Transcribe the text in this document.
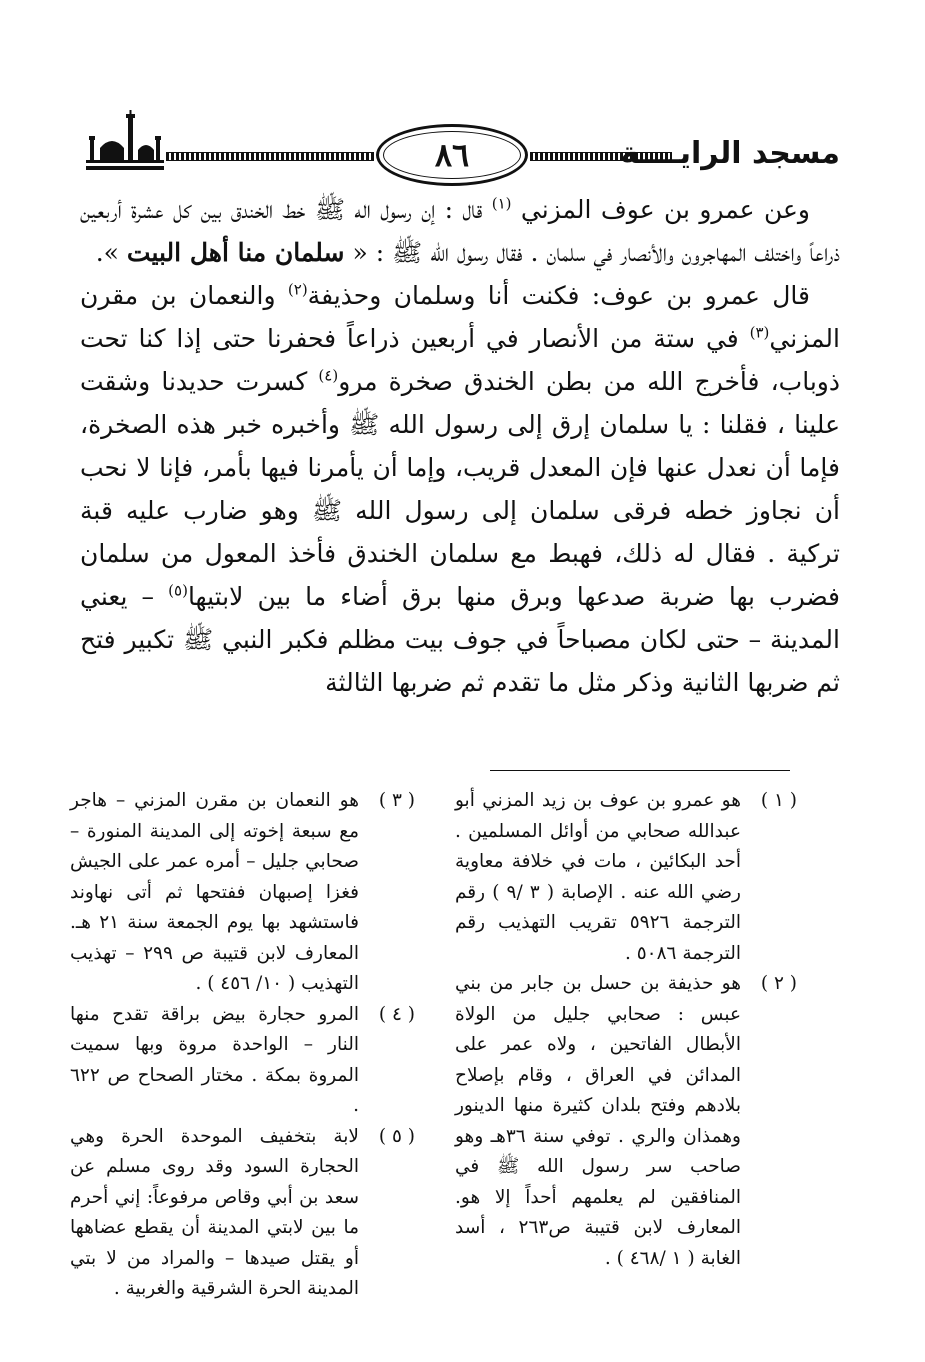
٨٦	مسجد الرايــــة

وعن عمرو بن عوف المزني $^{(١)}$ قال : إن رسول اله ﷺ خط الخندق بين كل عشرة أربعين ذراعاً واختلف المهاجرون والأنصار في سلمان . فقال رسول الله ﷺ : « سلمان منا أهل البيت ».

قال عمرو بن عوف: فكنت أنا وسلمان وحذيفة$^{(٢)}$ والنعمان بن مقرن المزني$^{(٣)}$ في ستة من الأنصار في أربعين ذراعاً فحفرنا حتى إذا كنا تحت ذوباب، فأخرج الله من بطن الخندق صخرة مرو$^{(٤)}$ كسرت حديدنا وشقت علينا ، فقلنا : يا سلمان إرق إلى رسول الله ﷺ وأخبره خبر هذه الصخرة، فإما أن نعدل عنها فإن المعدل قريب، وإما أن يأمرنا فيها بأمر، فإنا لا نحب أن نجاوز خطه فرقى سلمان إلى رسول الله ﷺ وهو ضارب عليه قبة تركية . فقال له ذلك، فهبط مع سلمان الخندق فأخذ المعول من سلمان فضرب بها ضربة صدعها وبرق منها برق أضاء ما بين لابتيها$^{(٥)}$ – يعني المدينة – حتى لكان مصباحاً في جوف بيت مظلم فكبر النبي ﷺ تكبير فتح ثم ضربها الثانية وذكر مثل ما تقدم ثم ضربها الثالثة

( ١ )
هو عمرو بن عوف بن زيد المزني أبو عبدالله صحابي من أوائل المسلمين . أحد البكائين ، مات في خلافة معاوية رضي الله عنه . الإصابة ( ٣ /٩ ) رقم الترجمة ٥٩٢٦ تقريب التهذيب رقم الترجمة ٥٠٨٦ .
( ٢ )
هو حذيفة بن حسل بن جابر من بني عبس : صحابي جليل من الولاة الأبطال الفاتحين ، ولاه عمر على المدائن في العراق ، وقام بإصلاح بلادهم وفتح بلدان كثيرة منها الدينور وهمذان والري . توفي سنة ٣٦هـ وهو صاحب سر رسول الله ﷺ في المنافقين لم يعلمهم أحداً إلا هو. المعارف لابن قتيبة ص٢٦٣ ، أسد الغابة ( ١ /٤٦٨ ) .
( ٣ )
هو النعمان بن مقرن المزني – هاجر مع سبعة إخوته إلى المدينة المنورة – صحابي جليل – أمره عمر على الجيش فغزا إصبهان ففتحها ثم أتى نهاوند فاستشهد بها يوم الجمعة سنة ٢١ هـ. المعارف لابن قتيبة ص ٢٩٩ – تهذيب التهذيب ( ١٠/ ٤٥٦ ) .
( ٤ )
المرو حجارة بيض براقة تقدح منها النار – الواحدة مروة وبها سميت المروة بمكة . مختار الصحاح ص ٦٢٢ .
( ٥ )
لابة بتخفيف الموحدة الحرة وهي الحجارة السود وقد روى مسلم عن سعد بن أبي وقاص مرفوعاً: إني أحرم ما بين لابتي المدينة أن يقطع عضاهها أو يقتل صيدها – والمراد من لا بتي المدينة الحرة الشرقية والغربية .
